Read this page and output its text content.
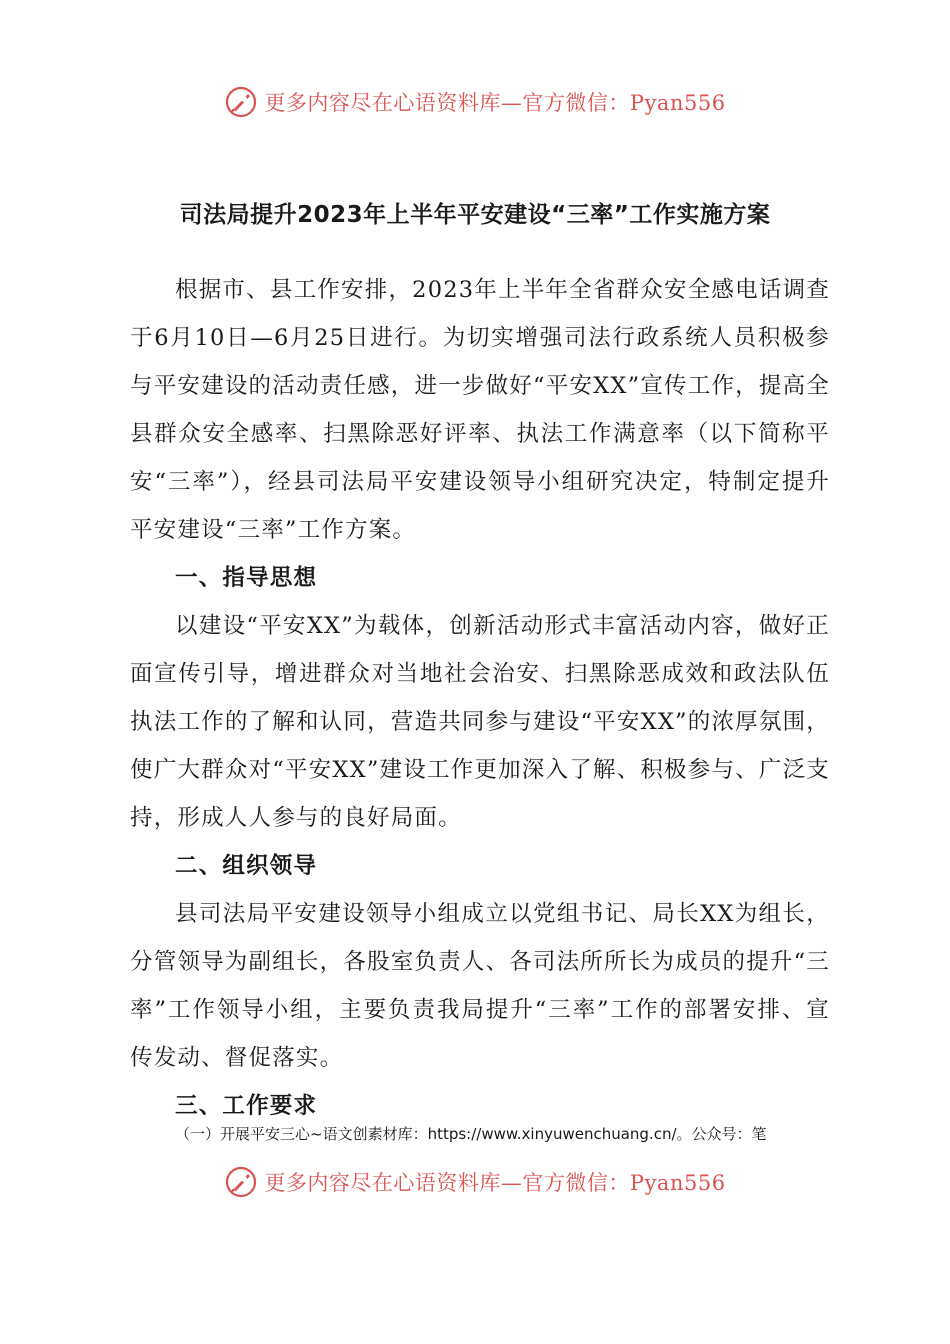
更多内容尽在心语资料库—官方微信：Pyan556
司法局提升2023年上半年平安建设“三率”工作实施方案

根据市、县工作安排，2023年上半年全省群众安全感电话调查于6月10日—6月25日进行。为切实增强司法行政系统人员积极参与平安建设的活动责任感，进一步做好“平安XX”宣传工作，提高全县群众安全感率、扫黑除恶好评率、执法工作满意率（以下简称平安“三率”），经县司法局平安建设领导小组研究决定，特制定提升平安建设“三率”工作方案。

一、指导思想

以建设“平安XX”为载体，创新活动形式丰富活动内容，做好正面宣传引导，增进群众对当地社会治安、扫黑除恶成效和政法队伍执法工作的了解和认同，营造共同参与建设“平安XX”的浓厚氛围，使广大群众对“平安XX”建设工作更加深入了解、积极参与、广泛支持，形成人人参与的良好局面。

二、组织领导

县司法局平安建设领导小组成立以党组书记、局长XX为组长，分管领导为副组长，各股室负责人、各司法所所长为成员的提升“三率”工作领导小组，主要负责我局提升“三率”工作的部署安排、宣传发动、督促落实。

三、工作要求

（一）开展平安三心~语文创素材库：https://www.xinyuwenchuang.cn/。公众号：笔

更多内容尽在心语资料库—官方微信：Pyan556
